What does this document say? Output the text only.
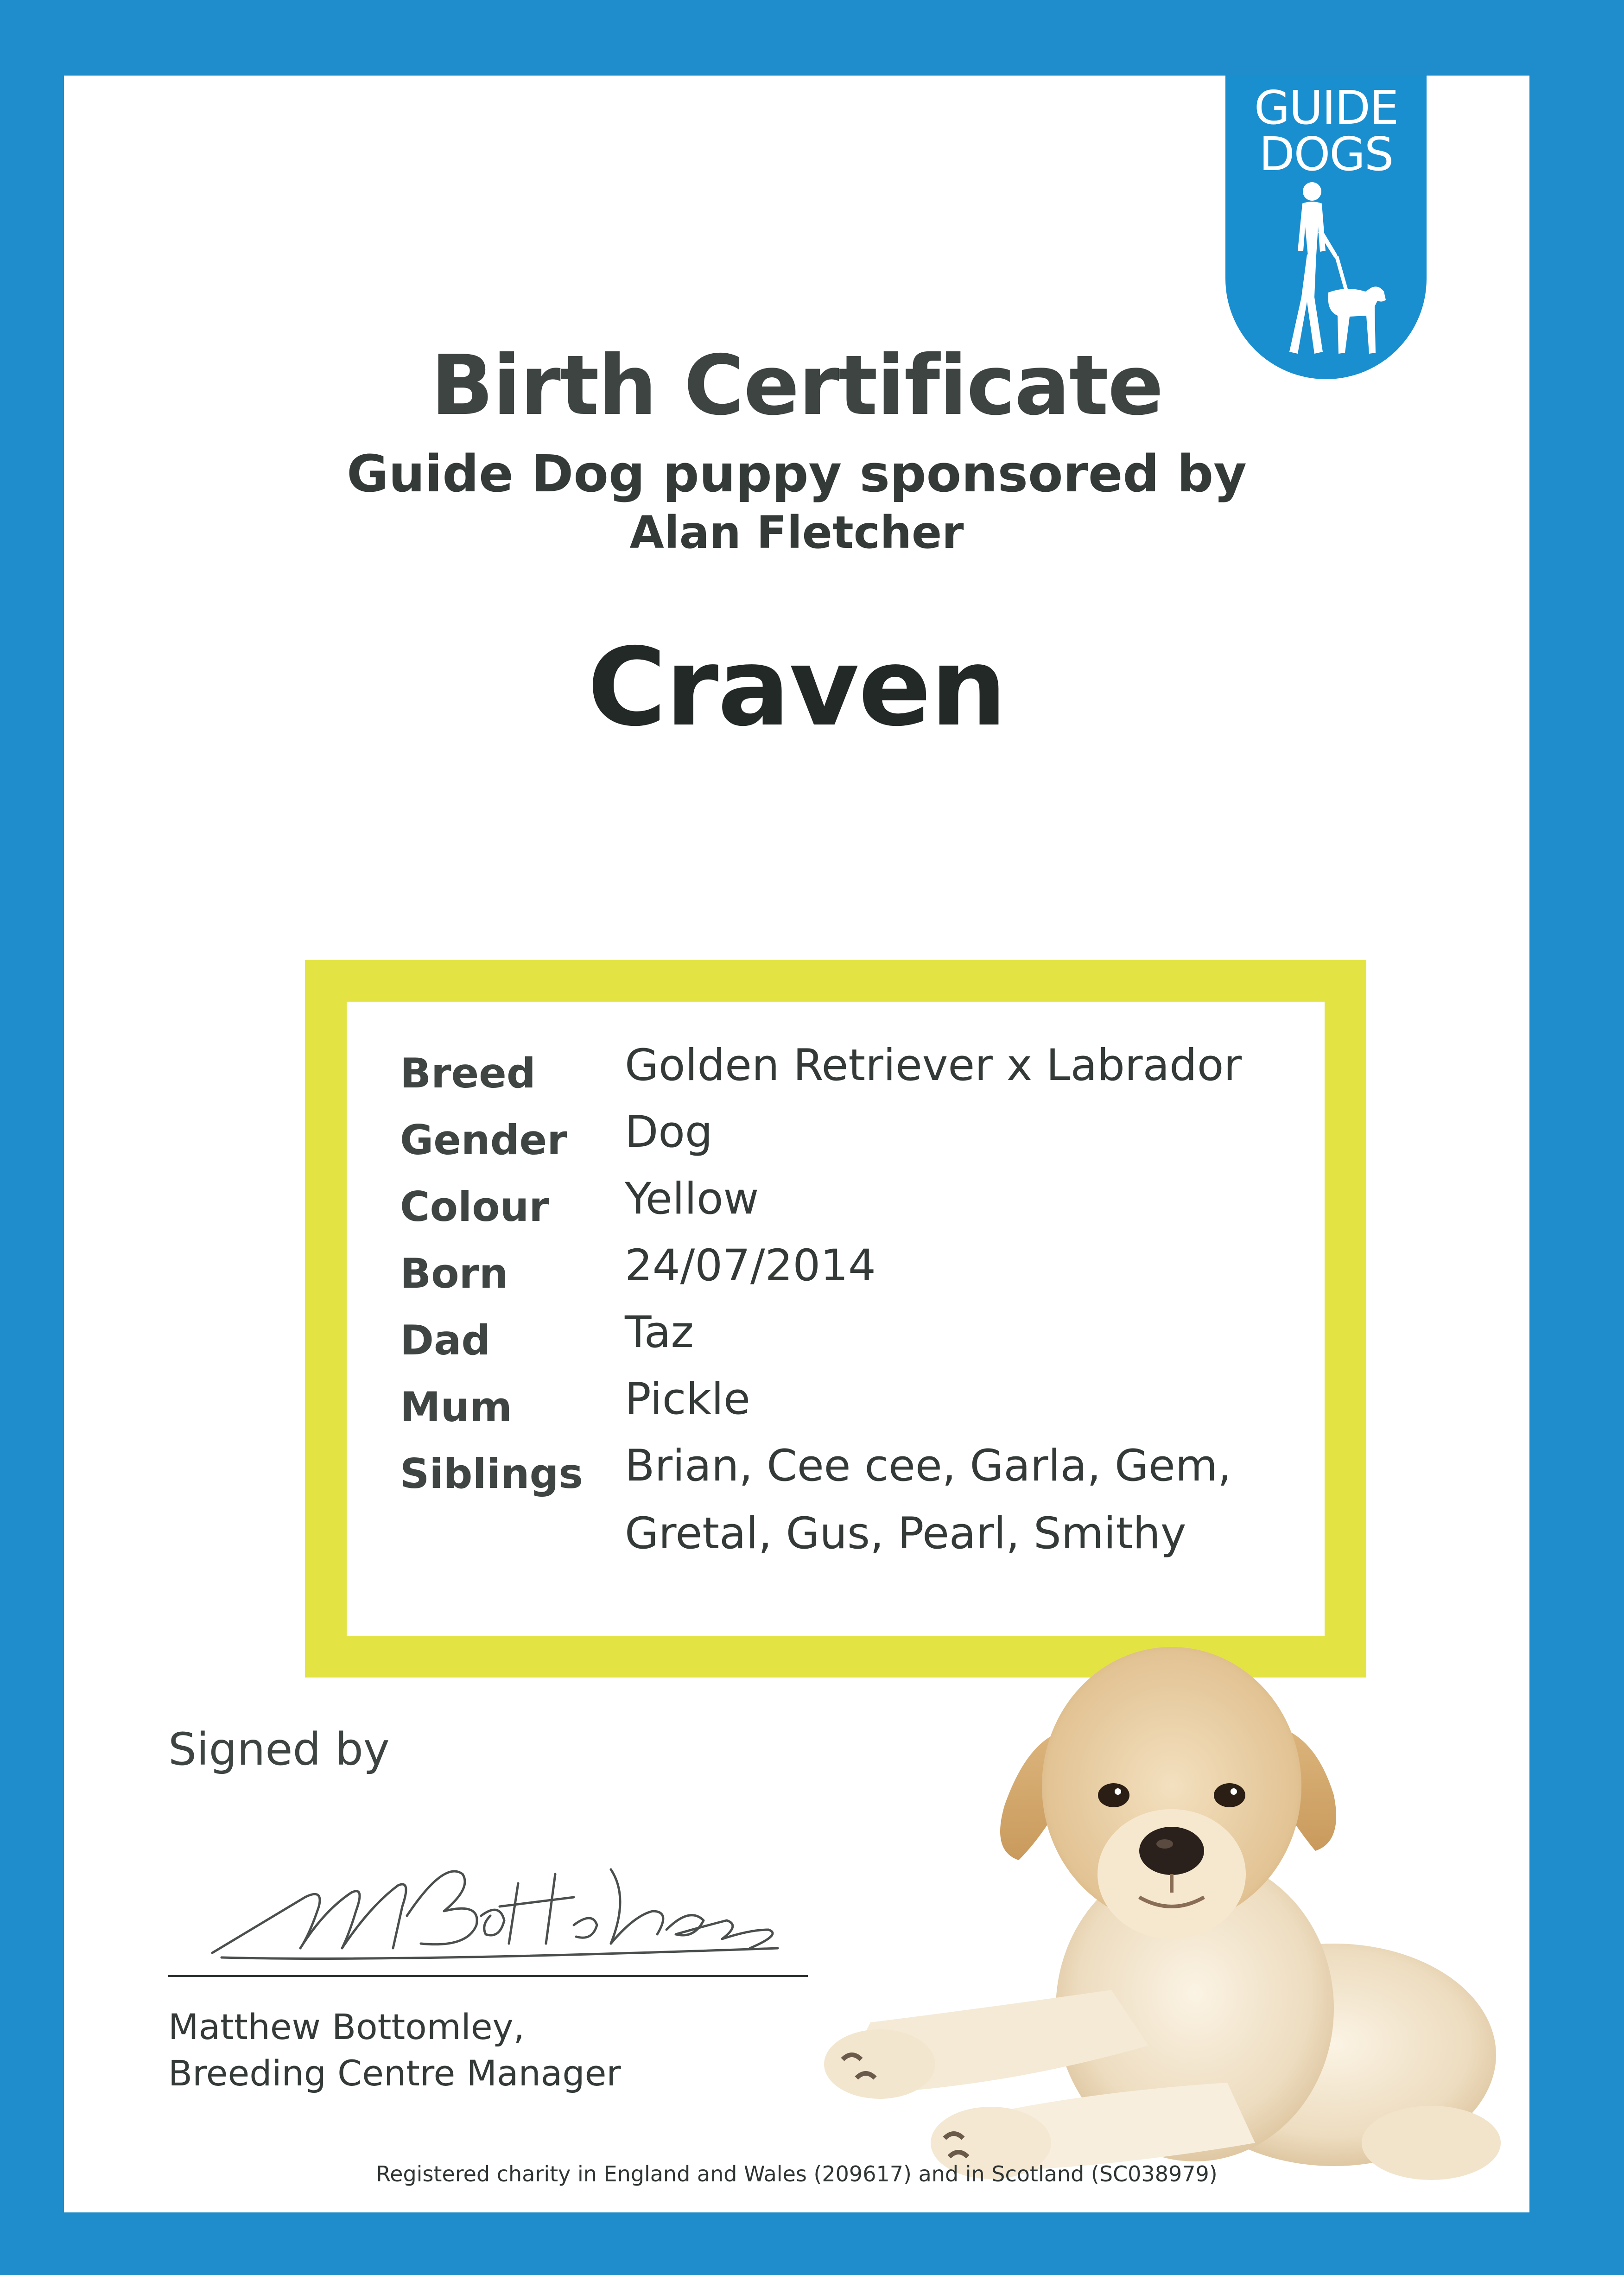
GUIDE
DOGS
Birth Certificate
Guide Dog puppy sponsored by
Alan Fletcher
Craven
Breed Golden Retriever x Labrador
Gender Dog
Colour Yellow
Born	24/07/2014
Dad	Taz
Mum	Pickle
Siblings Brian, Cee cee, Garla, Gem, Gretal, Gus, Pearl, Smithy
Signed by
Matthew Bottomley,
Breeding Centre Manager
Registered charity in England and Wales (209617) and in Scotland (SC038979)
